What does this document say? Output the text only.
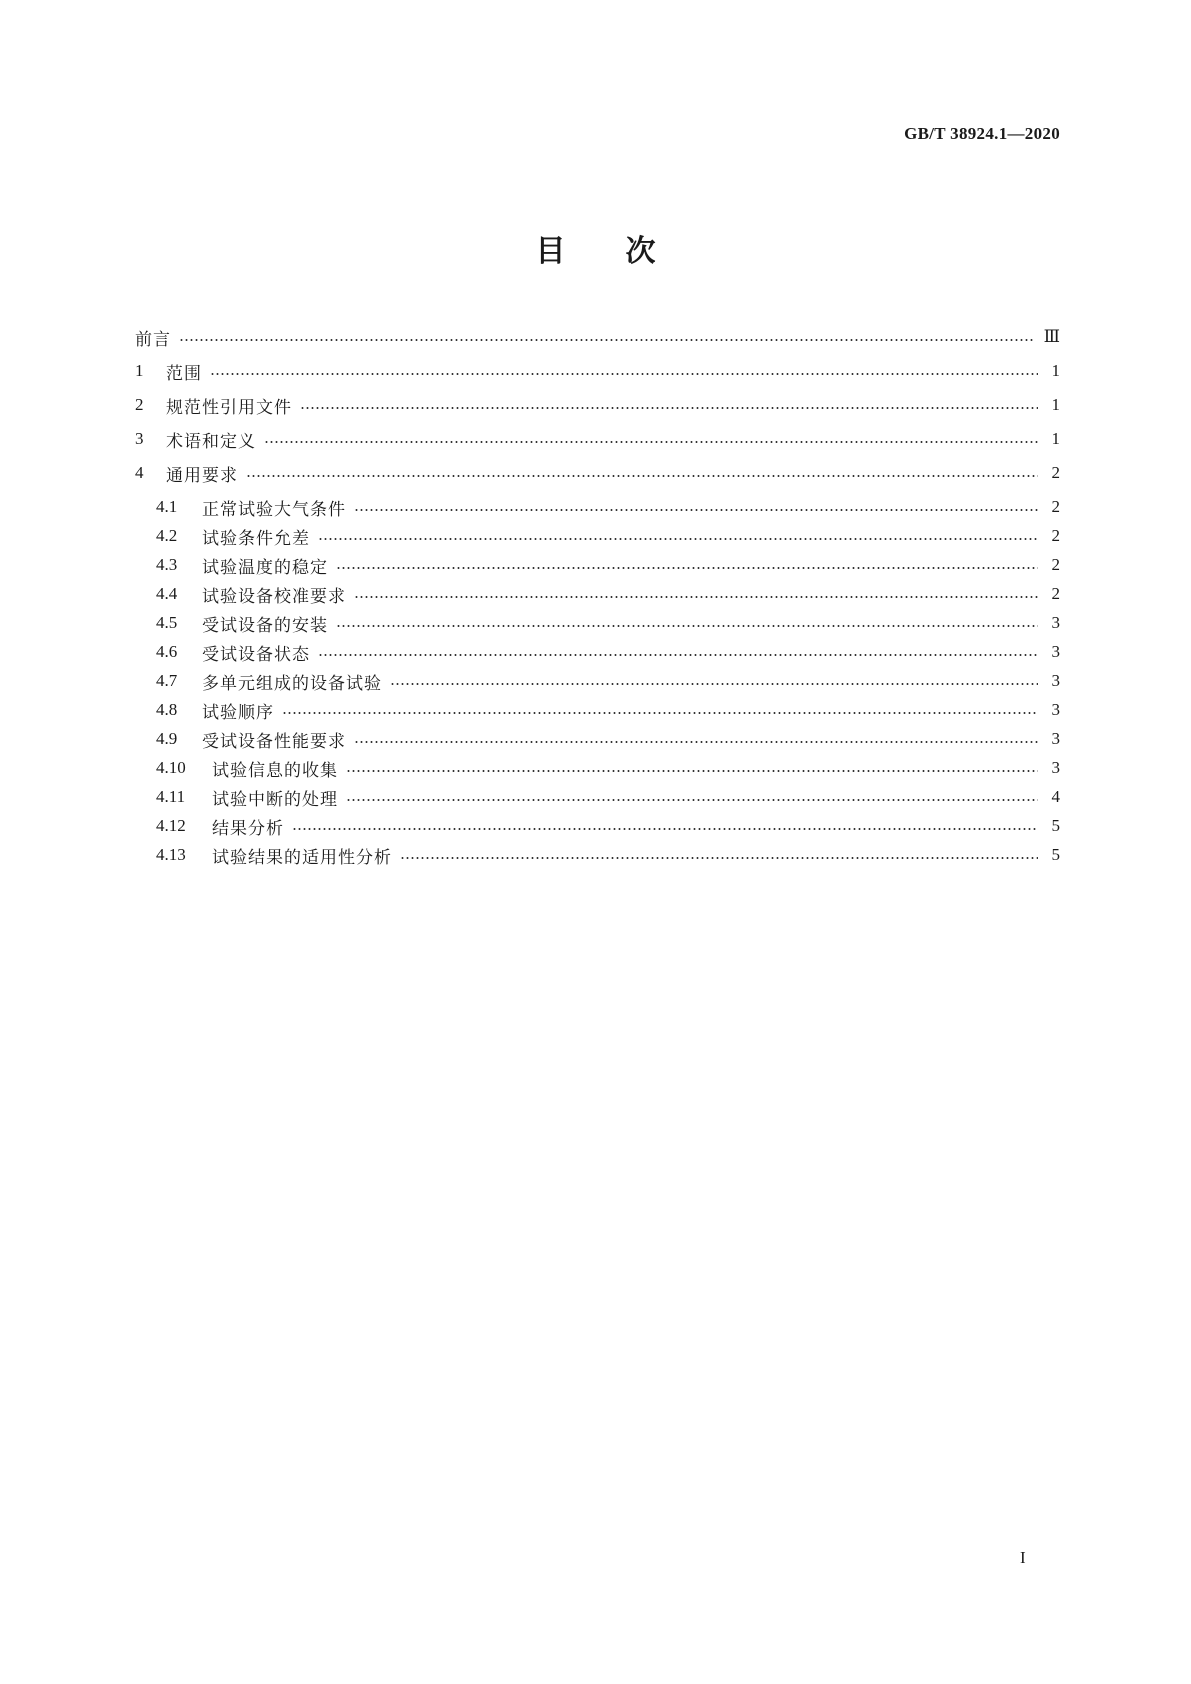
GB/T 38924.1—2020
目次
前言	Ⅲ
1	范围	1
2	规范性引用文件	1
3	术语和定义	1
4	通用要求	2
4.1	正常试验大气条件	2
4.2	试验条件允差	2
4.3	试验温度的稳定	2
4.4	试验设备校准要求	2
4.5	受试设备的安装	3
4.6	受试设备状态	3
4.7	多单元组成的设备试验	3
4.8	试验顺序	3
4.9	受试设备性能要求	3
4.10	试验信息的收集	3
4.11	试验中断的处理	4
4.12	结果分析	5
4.13	试验结果的适用性分析	5
I
